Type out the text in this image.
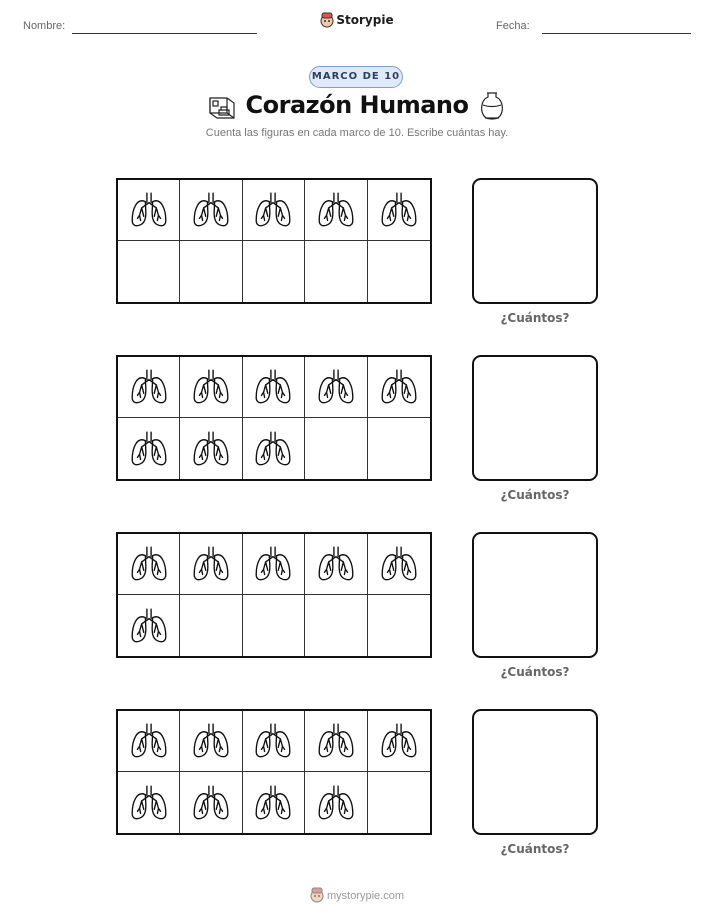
Nombre:	Storypie	Fecha:
MARCO DE 10
Corazón Humano
Cuenta las figuras en cada marco de 10. Escribe cuántas hay.
¿Cuántos?
¿Cuántos?
¿Cuántos?
¿Cuántos?
mystorypie.com
